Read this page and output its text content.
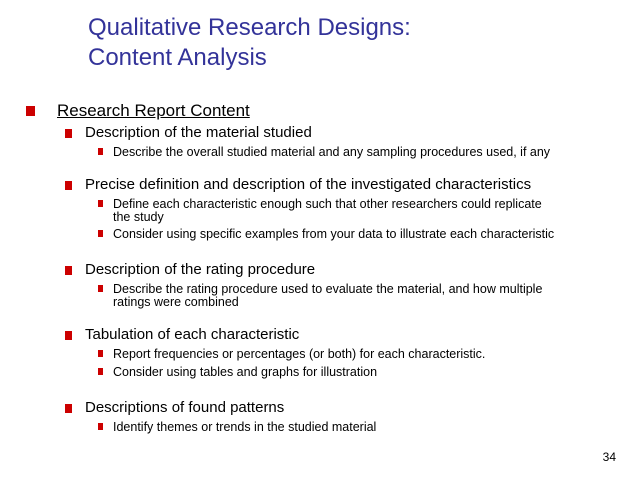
Qualitative Research Designs:
Content Analysis
Research Report Content
Description of the material studied
Describe the overall studied material and any sampling procedures used, if any
Precise definition and description of the investigated characteristics
Define each characteristic enough such that other researchers could replicate
the study
Consider using specific examples from your data to illustrate each characteristic
Description of the rating procedure
Describe the rating procedure used to evaluate the material, and how multiple
ratings were combined
Tabulation of each characteristic
Report frequencies or percentages (or both) for each characteristic.
Consider using tables and graphs for illustration
Descriptions of found patterns
Identify themes or trends in the studied material
34
